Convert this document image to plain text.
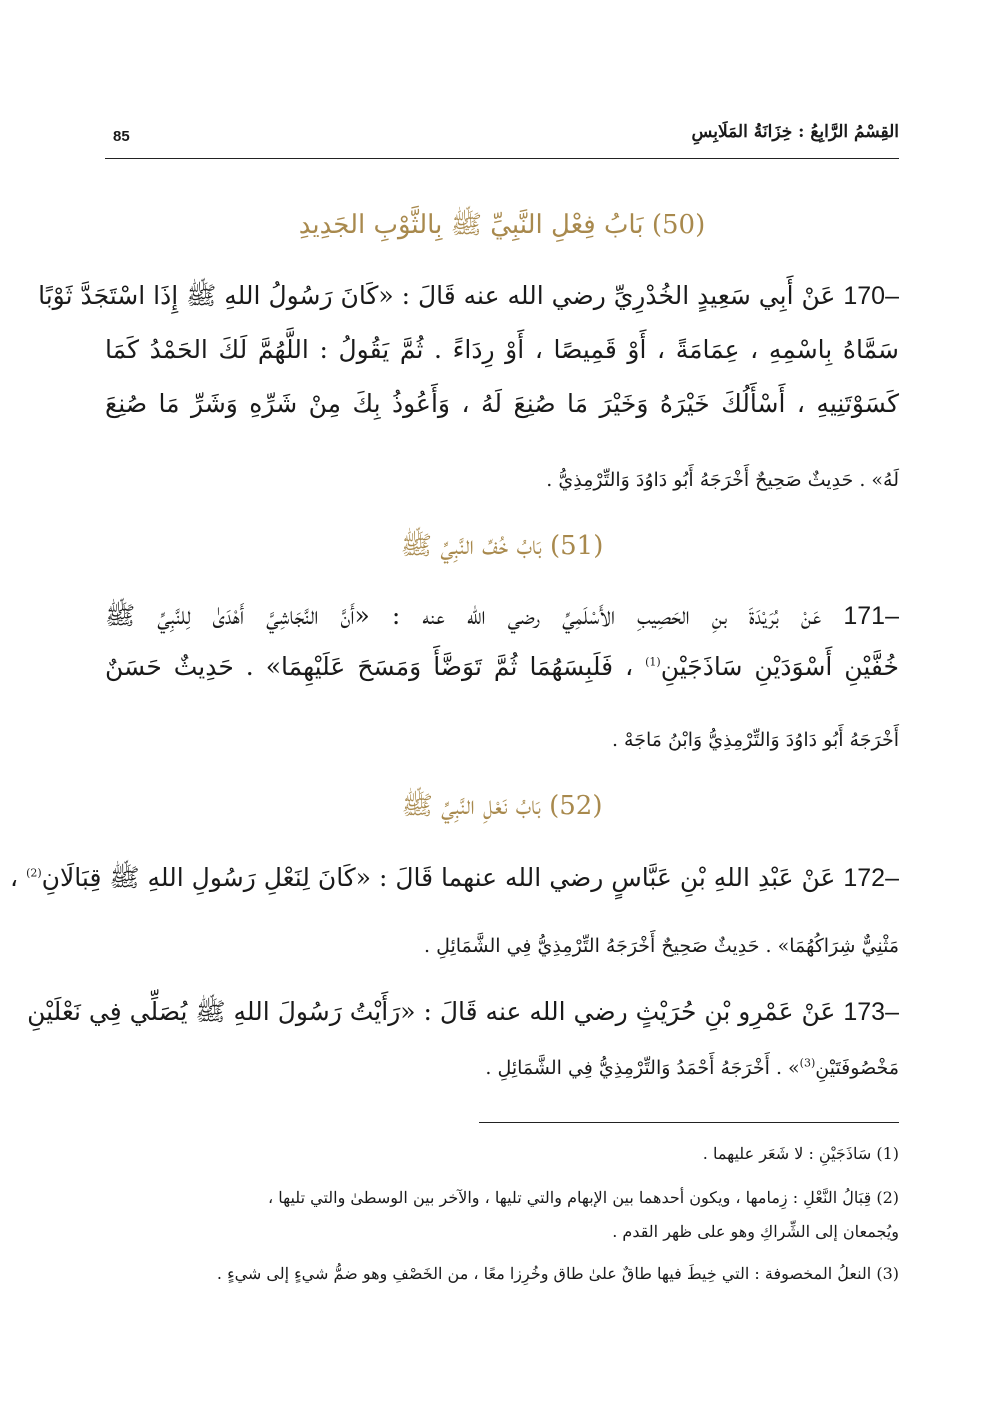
القِسْمُ الرَّابِعُ : خِزَانَةُ المَلَابِسِ
85
(50) بَابُ فِعْلِ النَّبِيِّ ﷺ بِالثَّوْبِ الجَدِيدِ
170– عَنْ أَبِي سَعِيدٍ الخُدْرِيِّ رضي الله عنه قَالَ : «كَانَ رَسُولُ اللهِ ﷺ إِذَا اسْتَجَدَّ ثَوْبًا
سَمَّاهُ بِاسْمِهِ ، عِمَامَةً ، أَوْ قَمِيصًا ، أَوْ رِدَاءً . ثُمَّ يَقُولُ : اللَّهُمَّ لَكَ الحَمْدُ كَمَا
كَسَوْتَنِيهِ ، أَسْأَلُكَ خَيْرَهُ وَخَيْرَ مَا صُنِعَ لَهُ ، وَأَعُوذُ بِكَ مِنْ شَرِّهِ وَشَرِّ مَا صُنِعَ
لَهُ» . حَدِيثٌ صَحِيحٌ أَخْرَجَهُ أَبُو دَاوُدَ وَالتِّرْمِذِيُّ .
(51) بَابُ خُفِّ النَّبِيِّ ﷺ
171– عَنْ بُرَيْدَةَ بنِ الحَصِيبِ الأَسْلَمِيِّ رضي الله عنه : «أَنَّ النَّجَاشِيَّ أَهْدَىٰ لِلنَّبِيِّ ﷺ
خُفَّيْنِ أَسْوَدَيْنِ سَاذَجَيْنِ$^{(1)}$ ، فَلَبِسَهُمَا ثُمَّ تَوَضَّأَ وَمَسَحَ عَلَيْهِمَا» . حَدِيثٌ حَسَنٌ
أَخْرَجَهُ أَبُو دَاوُدَ وَالتِّرْمِذِيُّ وَابْنُ مَاجَهْ .
(52) بَابُ نَعْلِ النَّبِيِّ ﷺ
172– عَنْ عَبْدِ اللهِ بْنِ عَبَّاسٍ رضي الله عنهما قَالَ : «كَانَ لِنَعْلِ رَسُولِ اللهِ ﷺ قِبَالَانِ$^{(2)}$ ،
مَثْنِيٌّ شِرَاكُهُمَا» . حَدِيثٌ صَحِيحٌ أَخْرَجَهُ التِّرْمِذِيُّ فِي الشَّمَائِلِ .
173– عَنْ عَمْرِو بْنِ حُرَيْثٍ رضي الله عنه قَالَ : «رَأَيْتُ رَسُولَ اللهِ ﷺ يُصَلِّي فِي نَعْلَيْنِ
مَخْصُوفَتَيْنِ$^{(3)}$» . أَخْرَجَهُ أَحْمَدُ وَالتِّرْمِذِيُّ فِي الشَّمَائِلِ .
(1) سَاذَجَيْنِ : لا شَعَر عليهما .
(2) قِبَالُ النَّعْلِ : زِمامها ، ويكون أحدهما بين الإبهام والتي تليها ، والآخر بين الوسطىٰ والتي تليها ،
ويُجمعان إلى الشِّراكِ وهو على ظهر القدم .
(3) النعلُ المخصوفة : التي خِيطَ فيها طاقٌ علىٰ طاق وخُرِزا معًا ، من الخَصْفِ وهو ضمُّ شيءٍ إلى شيءٍ .
